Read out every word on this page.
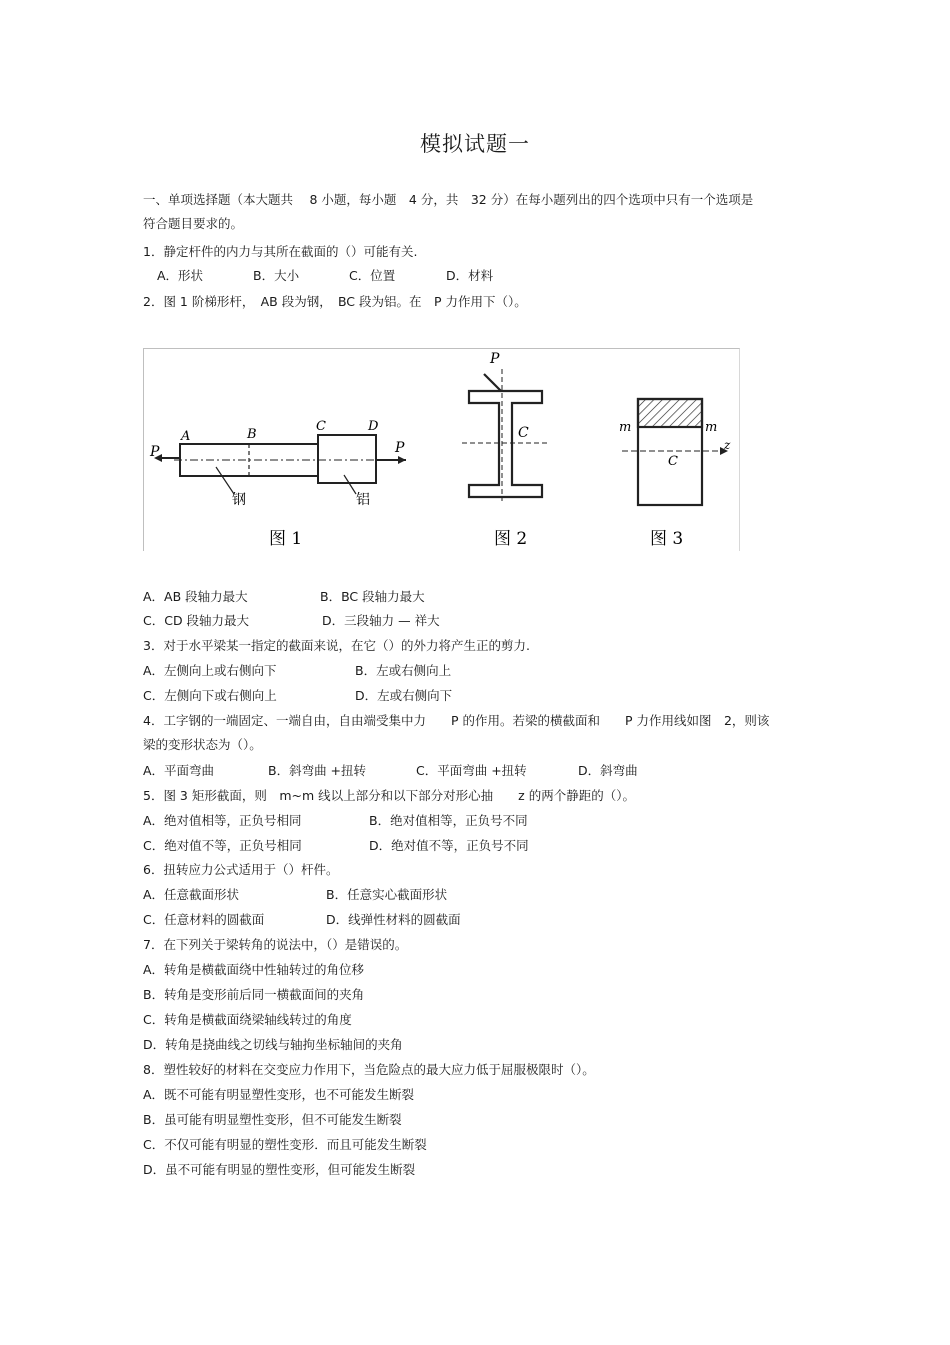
模拟试题一
一、单项选择题（本大题共　 8 小题，每小题　4 分，共　32 分）在每小题列出的四个选项中只有一个选项是
符合题目要求的。
1．静定杆件的内力与其所在截面的（）可能有关.
A．形状	B．大小	C．位置	D．材料
2．图 1 阶梯形杆，　AB 段为钢，　BC 段为铝。在　P 力作用下（）。
P
A	B
C	D
P
钢	铝
图 1
P
C
图 2
m	m
C
z
图 3
A．AB 段轴力最大	B．BC 段轴力最大
C．CD 段轴力最大	D．三段轴力 — 祥大
3．对于水平梁某一指定的截面来说，在它（）的外力将产生正的剪力.
A．左侧向上或右侧向下	B．左或右侧向上
C．左侧向下或右侧向上	D．左或右侧向下
4．工字钢的一端固定、一端自由，自由端受集中力　　P 的作用。若梁的横截面和　　P 力作用线如图　2，则该
梁的变形状态为（）。
A．平面弯曲	B．斜弯曲 +扭转	C．平面弯曲 +扭转	D．斜弯曲
5．图 3 矩形截面，则　m~m 线以上部分和以下部分对形心抽　　z 的两个静距的（）。
A．绝对值相等，正负号相同	B．绝对值相等，正负号不同
C．绝对值不等，正负号相同	D．绝对值不等，正负号不同
6．扭转应力公式适用于（）杆件。
A．任意截面形状	B．任意实心截面形状
C．任意材料的圆截面	D．线弹性材料的圆截面
7．在下列关于梁转角的说法中，（）是错误的。
A．转角是横截面绕中性轴转过的角位移
B．转角是变形前后同一横截面间的夹角
C．转角是横截面绕梁轴线转过的角度
D．转角是挠曲线之切线与轴拘坐标轴间的夹角
8．塑性较好的材料在交变应力作用下，当危险点的最大应力低于屈服极限时（）。
A．既不可能有明显塑性变形，也不可能发生断裂
B．虽可能有明显塑性变形，但不可能发生断裂
C．不仅可能有明显的塑性变形．而且可能发生断裂
D．虽不可能有明显的塑性变形，但可能发生断裂
